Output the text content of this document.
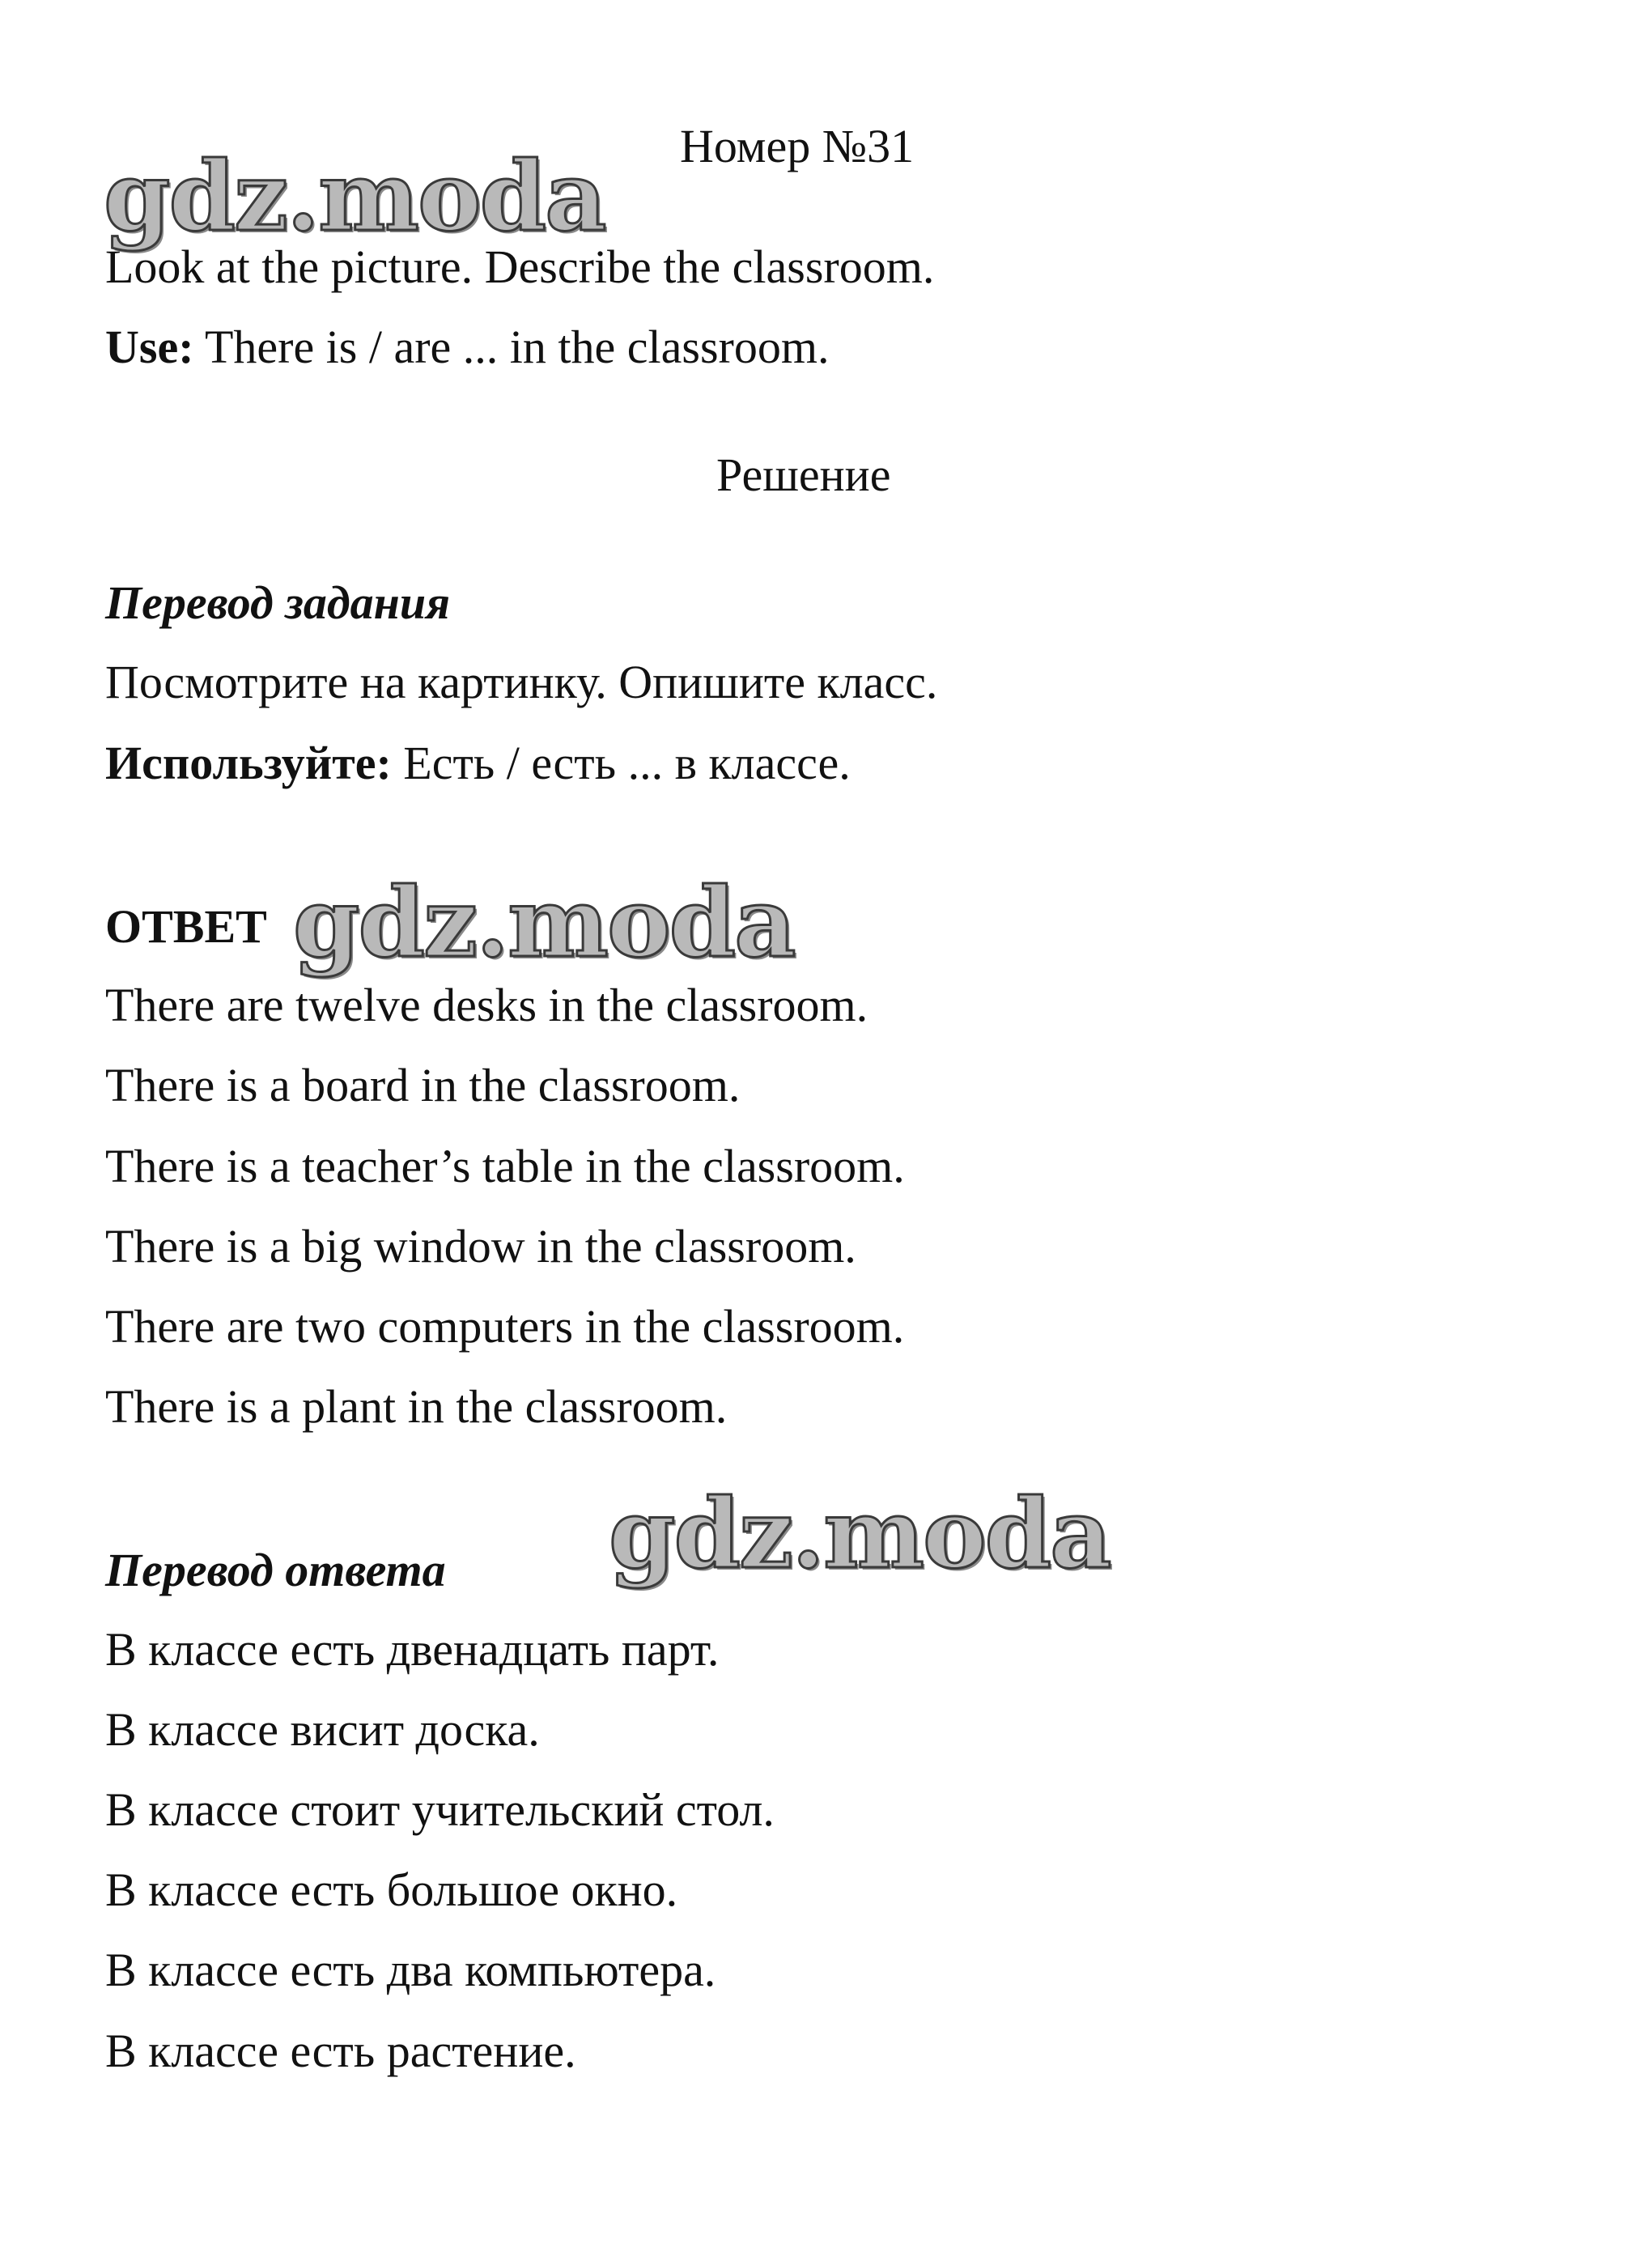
Номер №31
gdz.moda
Look at the picture. Describe the classroom.
Use: There is / are ... in the classroom.
Решение
Перевод задания
Посмотрите на картинку. Опишите класс.
Используйте: Есть / есть ... в классе.
ОТВЕТ gdz.moda
There are twelve desks in the classroom.
There is a board in the classroom.
There is a teacher’s table in the classroom.
There is a big window in the classroom.
There are two computers in the classroom.
There is a plant in the classroom.
Перевод ответа gdz.moda
В классе есть двенадцать парт.
В классе висит доска.
В классе стоит учительский стол.
В классе есть большое окно.
В классе есть два компьютера.
В классе есть растение.
